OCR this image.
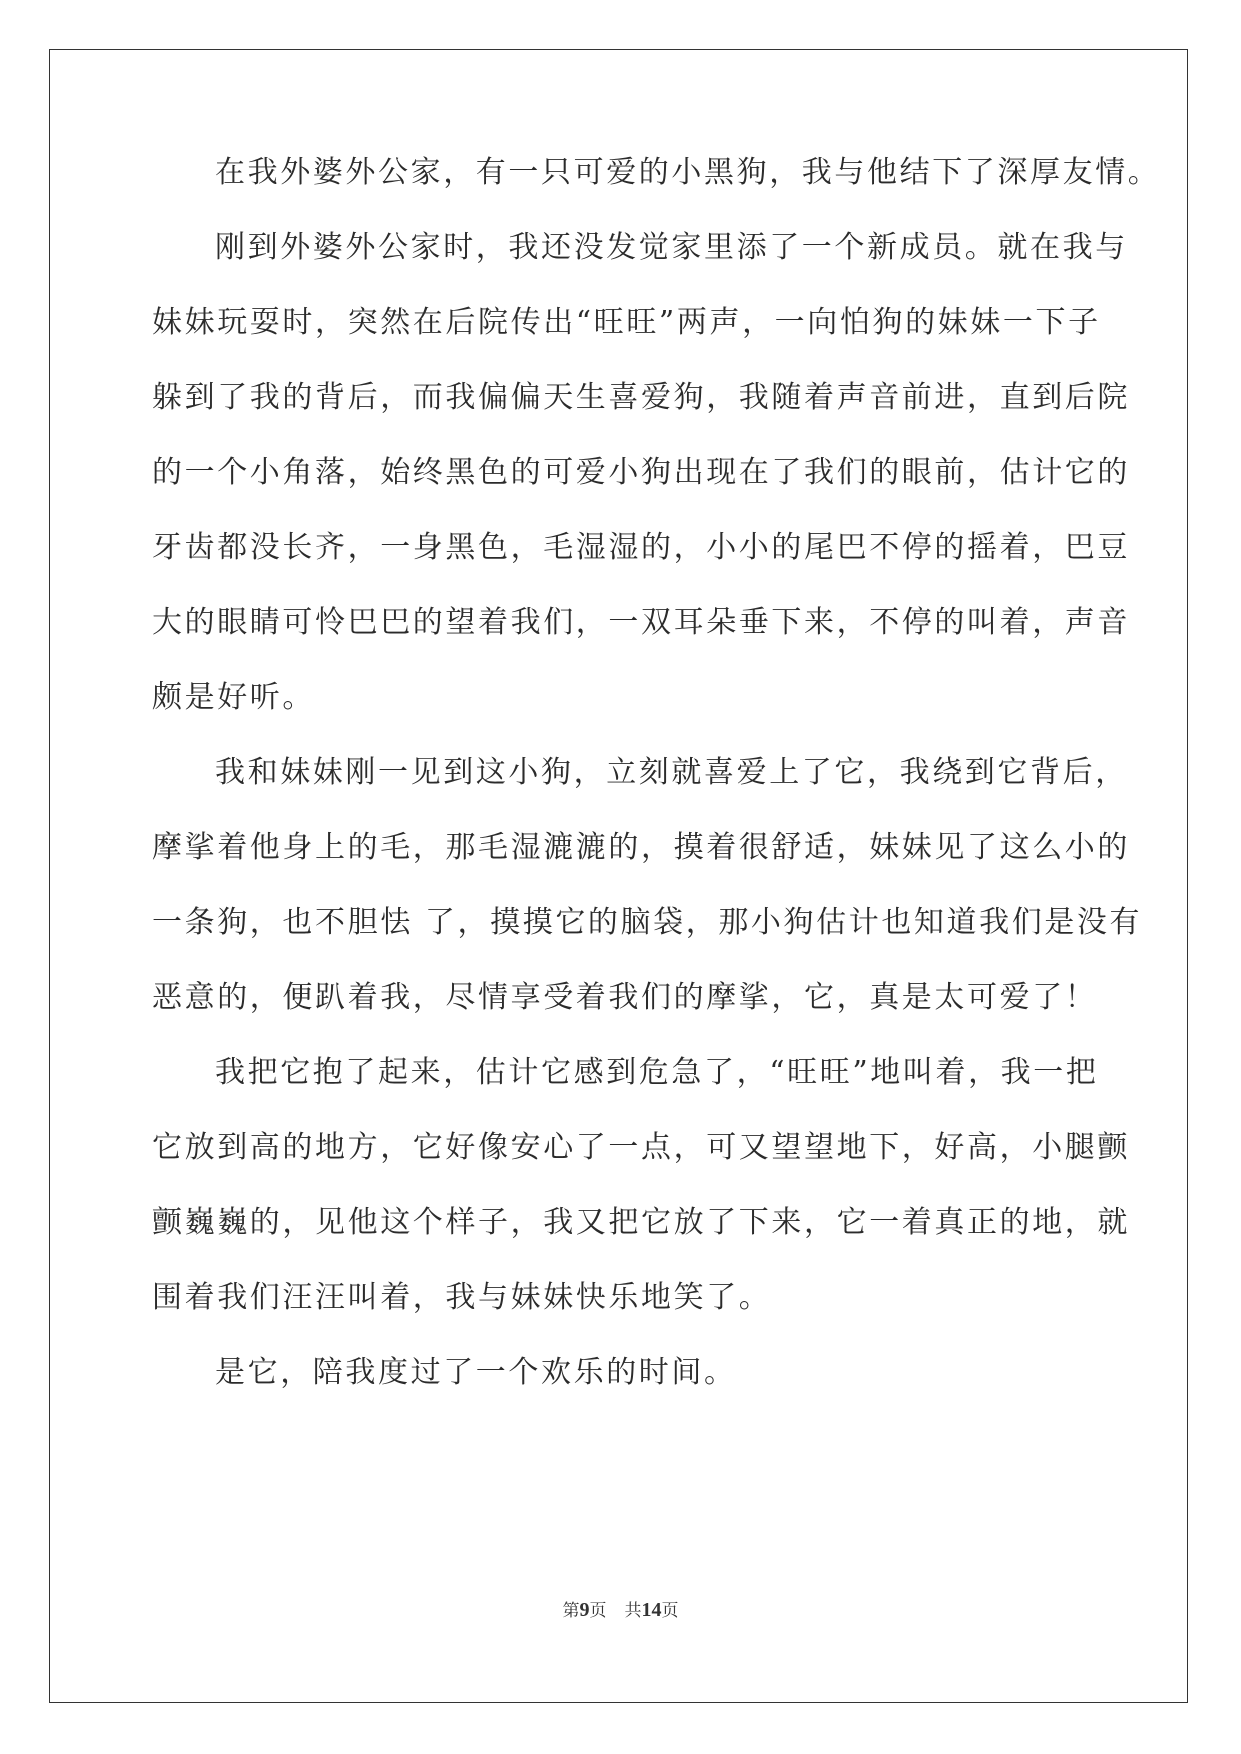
在我外婆外公家，有一只可爱的小黑狗，我与他结下了深厚友情。
刚到外婆外公家时，我还没发觉家里添了一个新成员。就在我与
妹妹玩耍时，突然在后院传出“旺旺”两声，一向怕狗的妹妹一下子
躲到了我的背后，而我偏偏天生喜爱狗，我随着声音前进，直到后院
的一个小角落，始终黑色的可爱小狗出现在了我们的眼前，估计它的
牙齿都没长齐，一身黑色，毛湿湿的，小小的尾巴不停的摇着，巴豆
大的眼睛可怜巴巴的望着我们，一双耳朵垂下来，不停的叫着，声音
颇是好听。
我和妹妹刚一见到这小狗，立刻就喜爱上了它，我绕到它背后，
摩挲着他身上的毛，那毛湿漉漉的，摸着很舒适，妹妹见了这么小的
一条狗，也不胆怯 了，摸摸它的脑袋，那小狗估计也知道我们是没有
恶意的，便趴着我，尽情享受着我们的摩挲，它，真是太可爱了！
我把它抱了起来，估计它感到危急了，“旺旺”地叫着，我一把
它放到高的地方，它好像安心了一点，可又望望地下，好高，小腿颤
颤巍巍的，见他这个样子，我又把它放了下来，它一着真正的地，就
围着我们汪汪叫着，我与妹妹快乐地笑了。
是它，陪我度过了一个欢乐的时间。
第9页 共14页
